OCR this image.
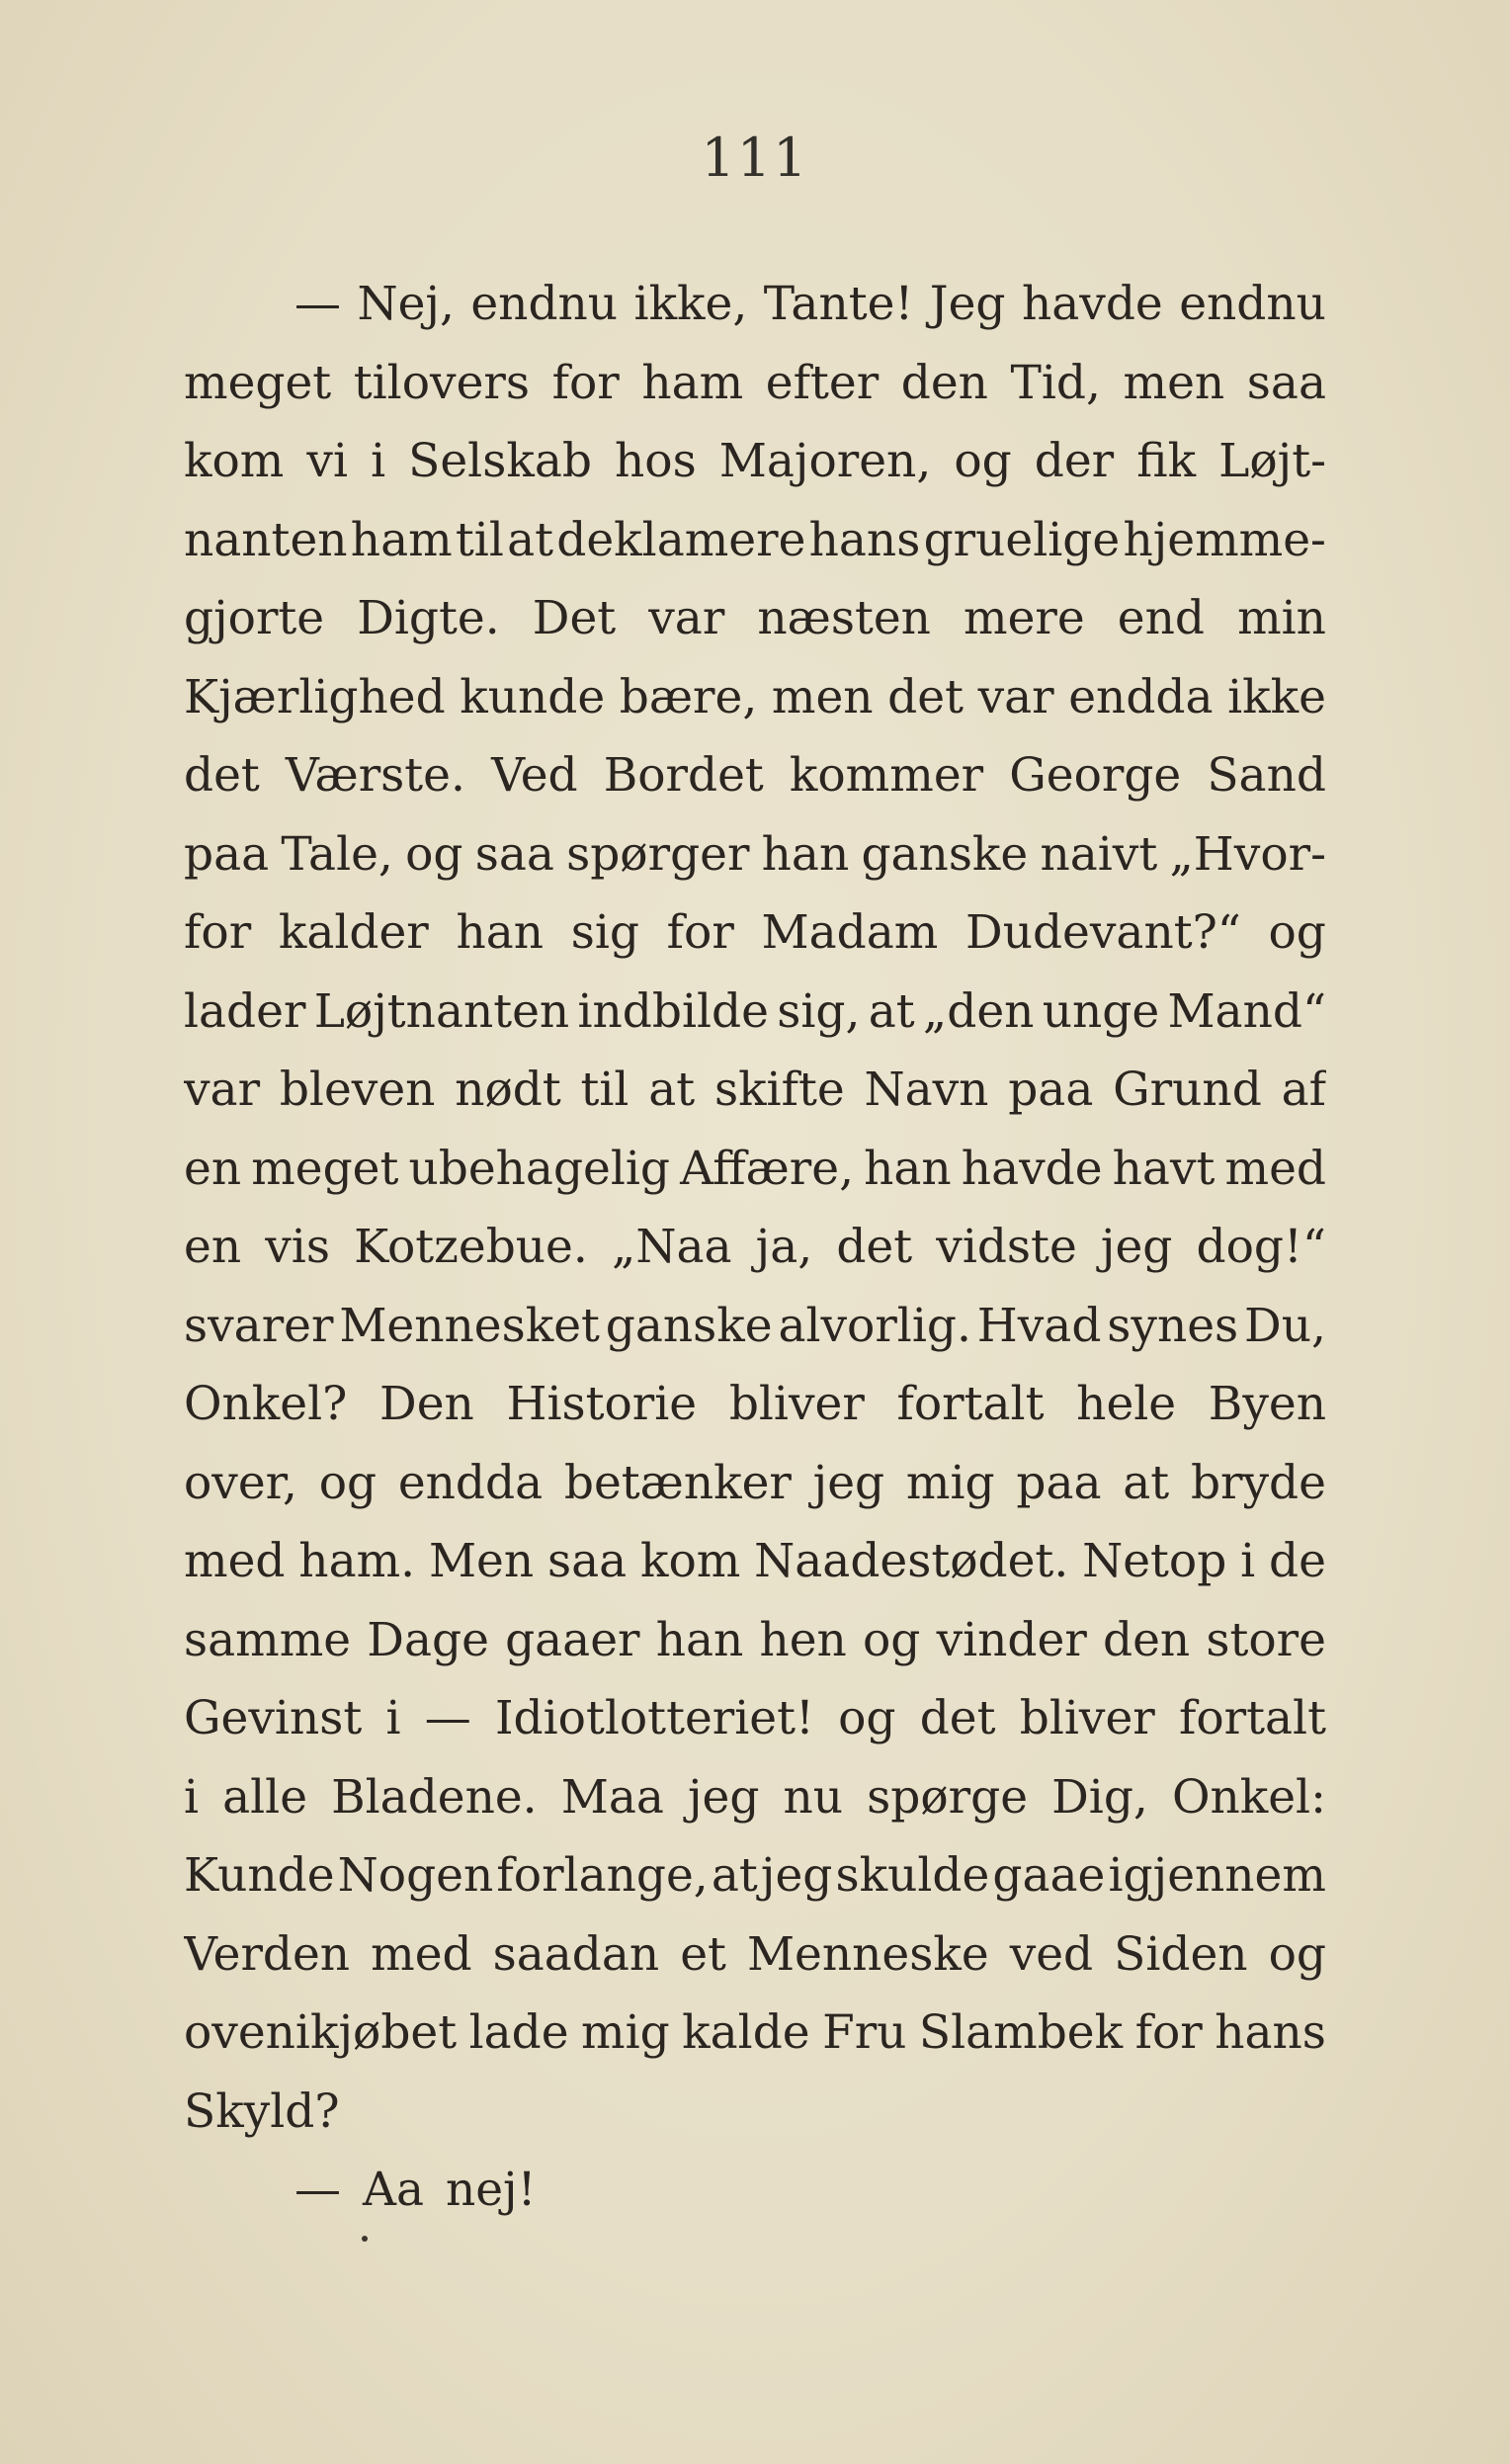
111
— Nej, endnu ikke, Tante! Jeg havde endnu
meget tilovers for ham efter den Tid, men saa
kom vi i Selskab hos Majoren, og der fik Løjt-
nanten ham til at deklamere hans gruelige hjemme-
gjorte Digte. Det var næsten mere end min
Kjærlighed kunde bære, men det var endda ikke
det Værste. Ved Bordet kommer George Sand
paa Tale, og saa spørger han ganske naivt „Hvor-
for kalder han sig for Madam Dudevant?“ og
lader Løjtnanten indbilde sig, at „den unge Mand“
var bleven nødt til at skifte Navn paa Grund af
en meget ubehagelig Affære, han havde havt med
en vis Kotzebue. „Naa ja, det vidste jeg dog!“
svarer Mennesket ganske alvorlig. Hvad synes Du,
Onkel? Den Historie bliver fortalt hele Byen
over, og endda betænker jeg mig paa at bryde
med ham. Men saa kom Naadestødet. Netop i de
samme Dage gaaer han hen og vinder den store
Gevinst i — Idiotlotteriet! og det bliver fortalt
i alle Bladene. Maa jeg nu spørge Dig, Onkel:
Kunde Nogen forlange, at jeg skulde gaae igjennem
Verden med saadan et Menneske ved Siden og
ovenikjøbet lade mig kalde Fru Slambek for hans
Skyld?
— Aa nej!
